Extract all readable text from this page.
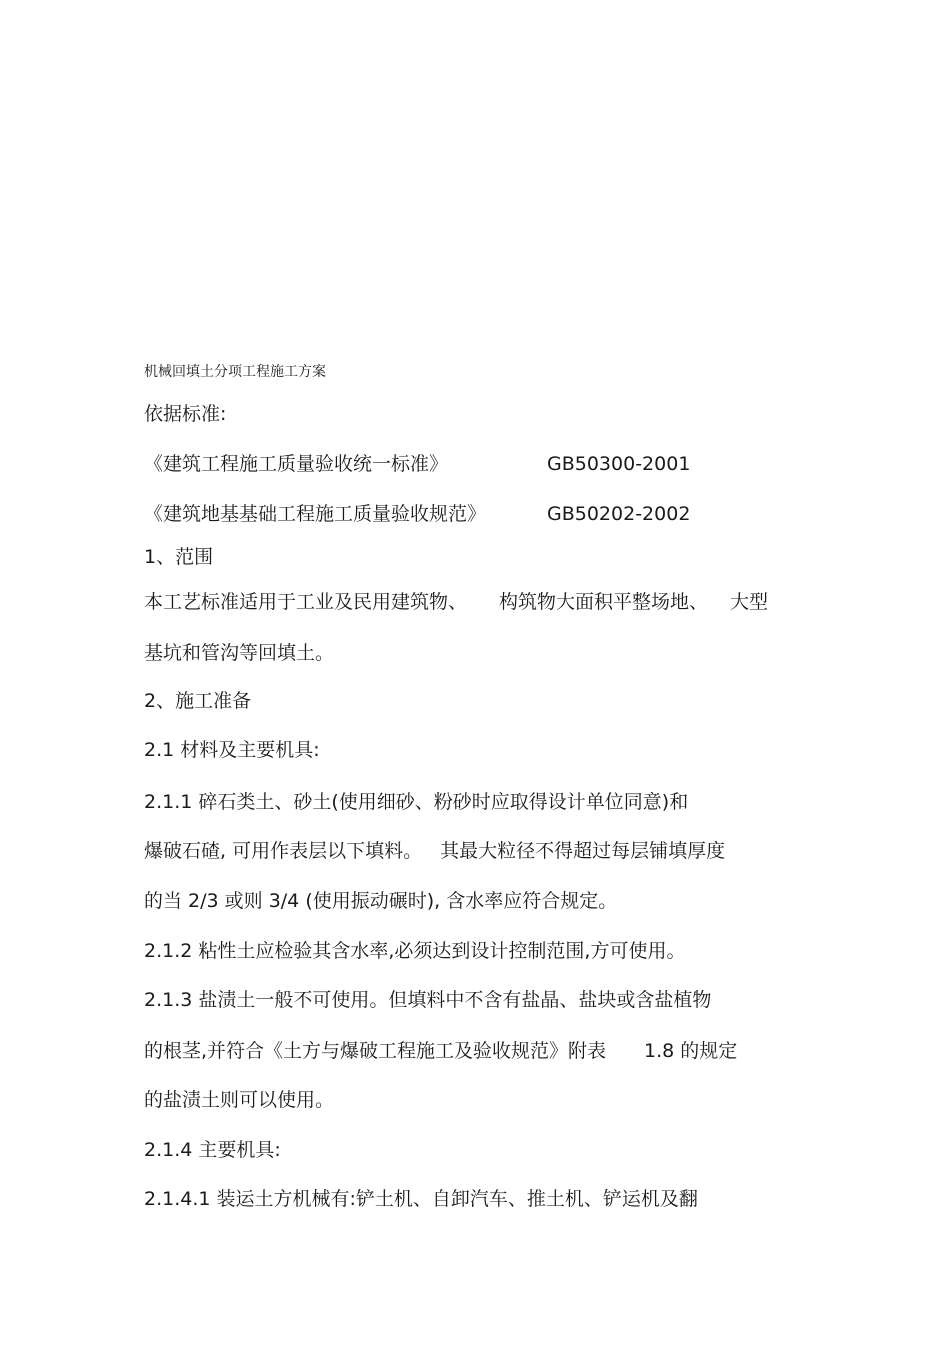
机械回填土分项工程施工方案
依据标准:
《建筑工程施工质量验收统一标准》	GB50300-2001
《建筑地基基础工程施工质量验收规范》	GB50202-2002
1、范围
本工艺标准适用于工业及民用建筑物、 构筑物大面积平整场地、 大型
基坑和管沟等回填土。
2、施工准备
2.1 材料及主要机具:
2.1.1 碎石类土、砂土(使用细砂、粉砂时应取得设计单位同意)和
爆破石碴, 可用作表层以下填料。 其最大粒径不得超过每层铺填厚度
的当 2/3 或则 3/4 (使用振动碾时), 含水率应符合规定。
2.1.2 粘性土应检验其含水率,必须达到设计控制范围,方可使用。
2.1.3 盐渍土一般不可使用。但填料中不含有盐晶、盐块或含盐植物
的根茎,并符合《土方与爆破工程施工及验收规范》附表 1.8 的规定
的盐渍土则可以使用。
2.1.4 主要机具:
2.1.4.1 装运土方机械有:铲土机、自卸汽车、推土机、铲运机及翻
